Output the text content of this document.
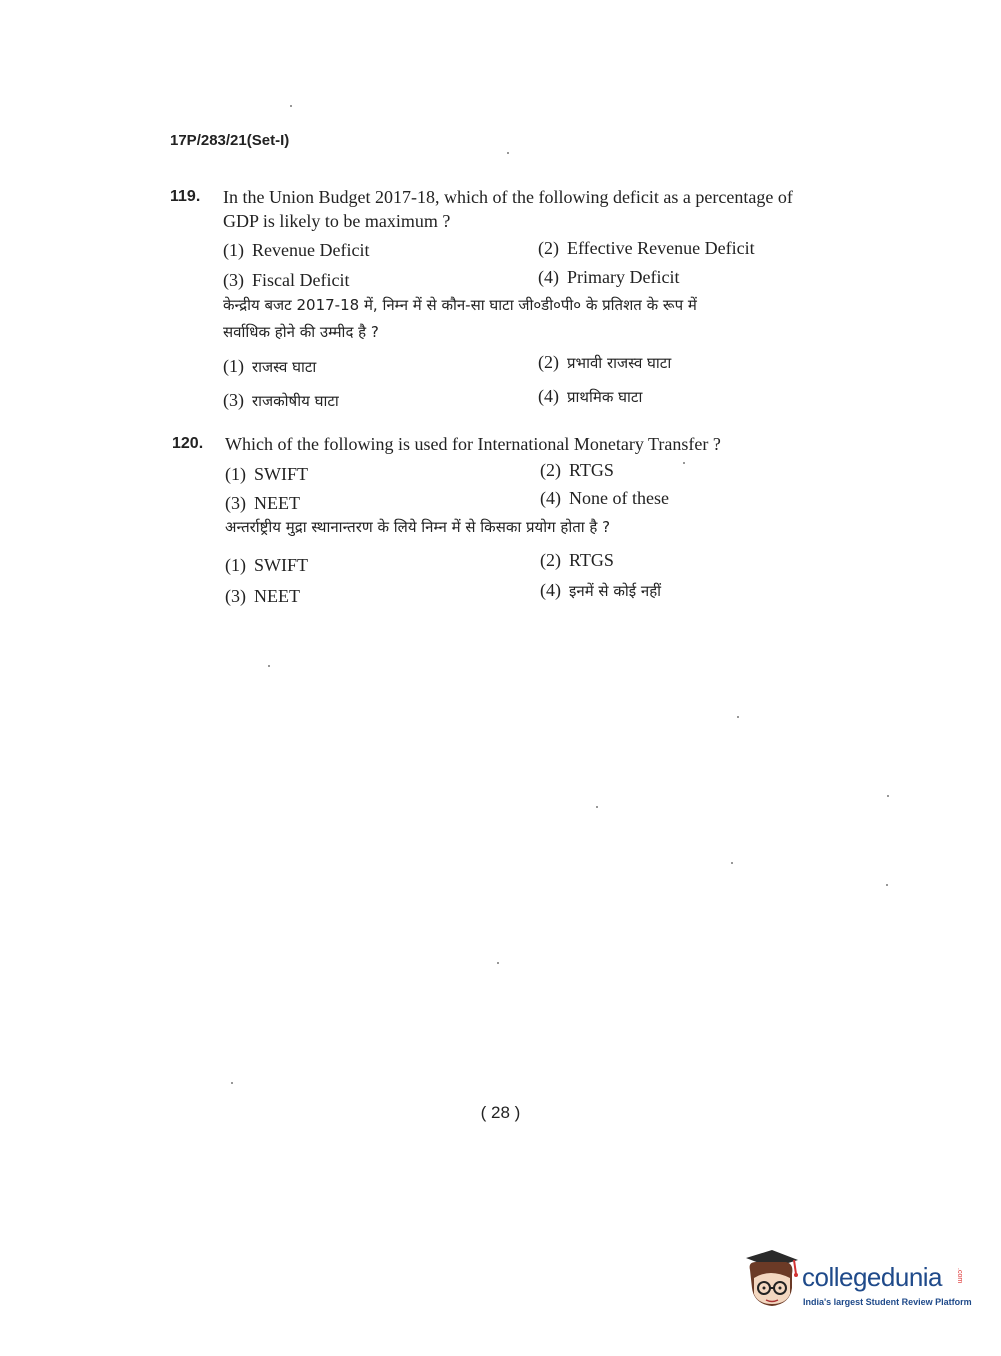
17P/283/21(Set-I)
119. In the Union Budget 2017-18, which of the following deficit as a percentage of
GDP is likely to be maximum ?
(1) Revenue Deficit	(2) Effective Revenue Deficit
(3) Fiscal Deficit	(4) Primary Deficit
केन्द्रीय बजट 2017-18 में, निम्न में से कौन-सा घाटा जी०डी०पी० के प्रतिशत के रूप में
सर्वाधिक होने की उम्मीद है ?
(1) राजस्व घाटा	(2) प्रभावी राजस्व घाटा
(3) राजकोषीय घाटा	(4) प्राथमिक घाटा
120. Which of the following is used for International Monetary Transfer ?
(1) SWIFT	(2) RTGS
(3) NEET	(4) None of these
अन्तर्राष्ट्रीय मुद्रा स्थानान्तरण के लिये निम्न में से किसका प्रयोग होता है ?
(1) SWIFT	(2) RTGS
(3) NEET	(4) इनमें से कोई नहीं
( 28 )
collegedunia .com
India's largest Student Review Platform
